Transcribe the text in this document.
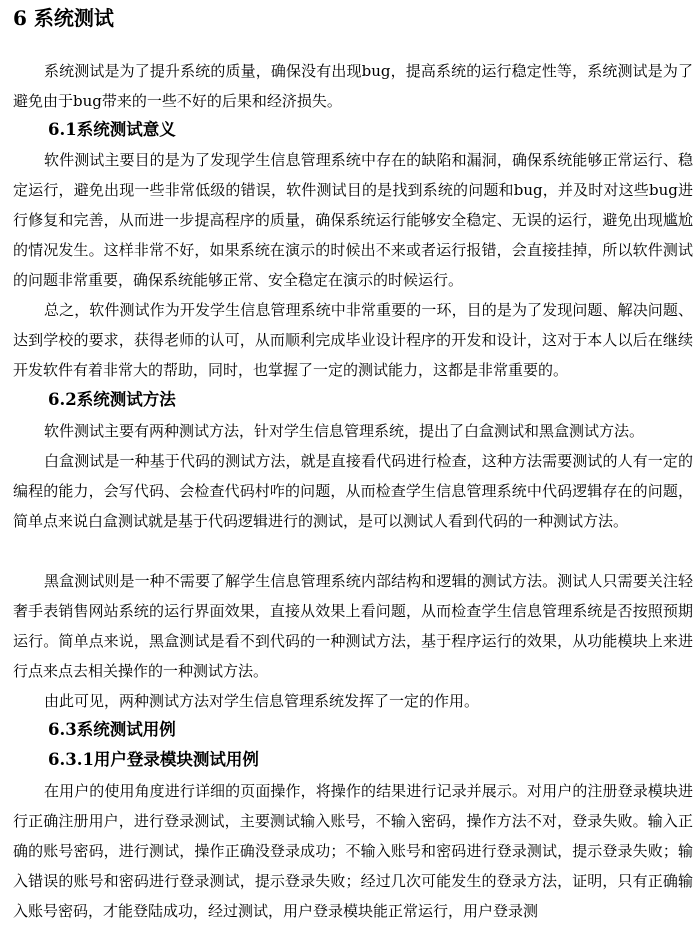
6 系统测试

系统测试是为了提升系统的质量，确保没有出现bug，提高系统的运行稳定性等，系统测试是为了避免由于bug带来的一些不好的后果和经济损失。

6.1系统测试意义

软件测试主要目的是为了发现学生信息管理系统中存在的缺陷和漏洞，确保系统能够正常运行、稳定运行，避免出现一些非常低级的错误，软件测试目的是找到系统的问题和bug，并及时对这些bug进行修复和完善，从而进一步提高程序的质量，确保系统运行能够安全稳定、无误的运行，避免出现尴尬的情况发生。这样非常不好，如果系统在演示的时候出不来或者运行报错，会直接挂掉，所以软件测试的问题非常重要，确保系统能够正常、安全稳定在演示的时候运行。

总之，软件测试作为开发学生信息管理系统中非常重要的一环，目的是为了发现问题、解决问题、达到学校的要求，获得老师的认可，从而顺利完成毕业设计程序的开发和设计，这对于本人以后在继续开发软件有着非常大的帮助，同时，也掌握了一定的测试能力，这都是非常重要的。

6.2系统测试方法

软件测试主要有两种测试方法，针对学生信息管理系统，提出了白盒测试和黑盒测试方法。

白盒测试是一种基于代码的测试方法，就是直接看代码进行检查，这种方法需要测试的人有一定的编程的能力，会写代码、会检查代码村咋的问题，从而检查学生信息管理系统中代码逻辑存在的问题，简单点来说白盒测试就是基于代码逻辑进行的测试，是可以测试人看到代码的一种测试方法。

黑盒测试则是一种不需要了解学生信息管理系统内部结构和逻辑的测试方法。测试人只需要关注轻奢手表销售网站系统的运行界面效果，直接从效果上看问题，从而检查学生信息管理系统是否按照预期运行。简单点来说，黑盒测试是看不到代码的一种测试方法，基于程序运行的效果，从功能模块上来进行点来点去相关操作的一种测试方法。

由此可见，两种测试方法对学生信息管理系统发挥了一定的作用。

6.3系统测试用例
6.3.1用户登录模块测试用例

在用户的使用角度进行详细的页面操作，将操作的结果进行记录并展示。对用户的注册登录模块进行正确注册用户，进行登录测试，主要测试输入账号，不输入密码，操作方法不对，登录失败。输入正确的账号密码，进行测试，操作正确没登录成功；不输入账号和密码进行登录测试，提示登录失败；输入错误的账号和密码进行登录测试，提示登录失败；经过几次可能发生的登录方法，证明，只有正确输入账号密码，才能登陆成功，经过测试，用户登录模块能正常运行，用户登录测
